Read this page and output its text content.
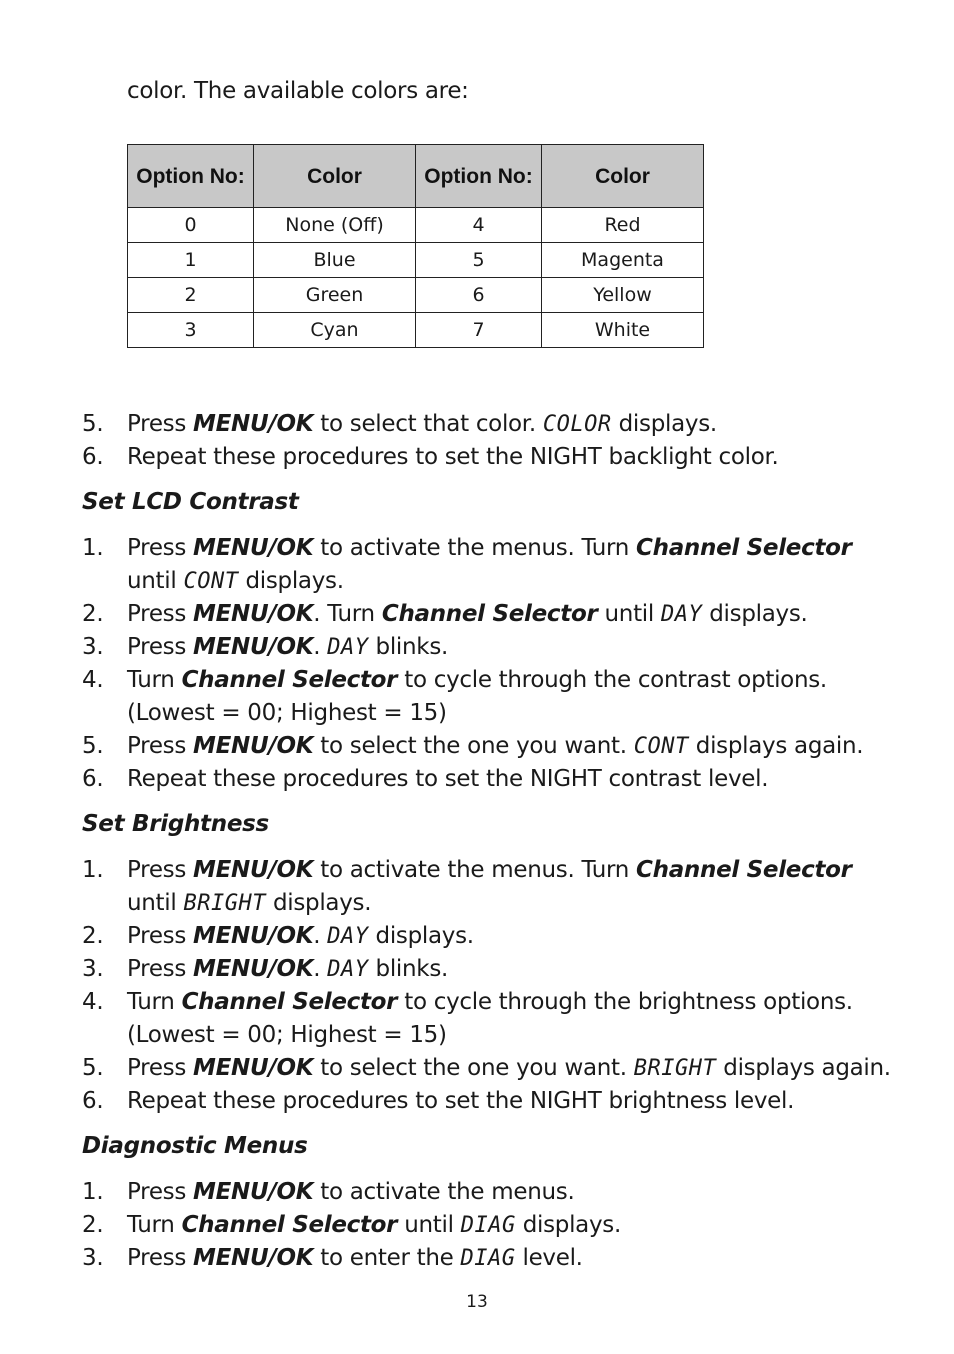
color. The available colors are:
Option No:	Color	Option No:	Color
0	None (Off)	4	Red
1	Blue	5	Magenta
2	Green	6	Yellow
3	Cyan	7	White
5. Press MENU/OK to select that color. COLOR displays.
6. Repeat these procedures to set the NIGHT backlight color.
Set LCD Contrast
1. Press MENU/OK to activate the menus. Turn Channel Selector until CONT displays.
2. Press MENU/OK. Turn Channel Selector until DAY displays.
3. Press MENU/OK. DAY blinks.
4. Turn Channel Selector to cycle through the contrast options. (Lowest = 00; Highest = 15)
5. Press MENU/OK to select the one you want. CONT displays again.
6. Repeat these procedures to set the NIGHT contrast level.
Set Brightness
1. Press MENU/OK to activate the menus. Turn Channel Selector until BRIGHT displays.
2. Press MENU/OK. DAY displays.
3. Press MENU/OK. DAY blinks.
4. Turn Channel Selector to cycle through the brightness options. (Lowest = 00; Highest = 15)
5. Press MENU/OK to select the one you want. BRIGHT displays again.
6. Repeat these procedures to set the NIGHT brightness level.
Diagnostic Menus
1. Press MENU/OK to activate the menus.
2. Turn Channel Selector until DIAG displays.
3. Press MENU/OK to enter the DIAG level.
13
